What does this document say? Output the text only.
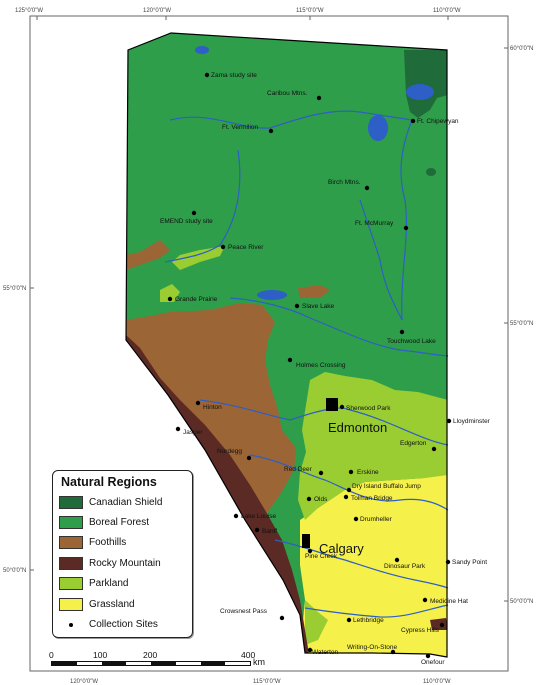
125°0'0"W	120°0'0"W	115°0'0"W	110°0'0"W
55°0'0"N
50°0'0"N
60°0'0"N
55°0'0"N
50°0'0"N
120°0'0"W	115°0'0"W	110°0'0"W
Zama study site
Caribou Mtns.
Ft. Chipewyan
Ft. Vermilion
Birch Mtns.
EMEND study site	Ft. McMurray
Peace River
Grande Prairie
Slave Lake
Touchwood Lake
Holmes Crossing
Hinton	Sherwood Park
Lloydminster
Jasper
Edgerton
Nordegg
Red Deer	Erskine
Dry Island Buffalo Jump
Olds	Tolman Bridge
Drumheller
Lake Louise
Banff
Pine Creek
Sandy Point
Dinosaur Park
Medicine Hat
Crowsnest Pass
Lethbridge
Cypress Hills
Writing-On-Stone
Waterton
Onefour
Edmonton
Calgary
Natural Regions
Canadian Shield
Boreal Forest
Foothills
Rocky Mountain
Parkland
Grassland
Collection Sites
0	100	200	400
km
